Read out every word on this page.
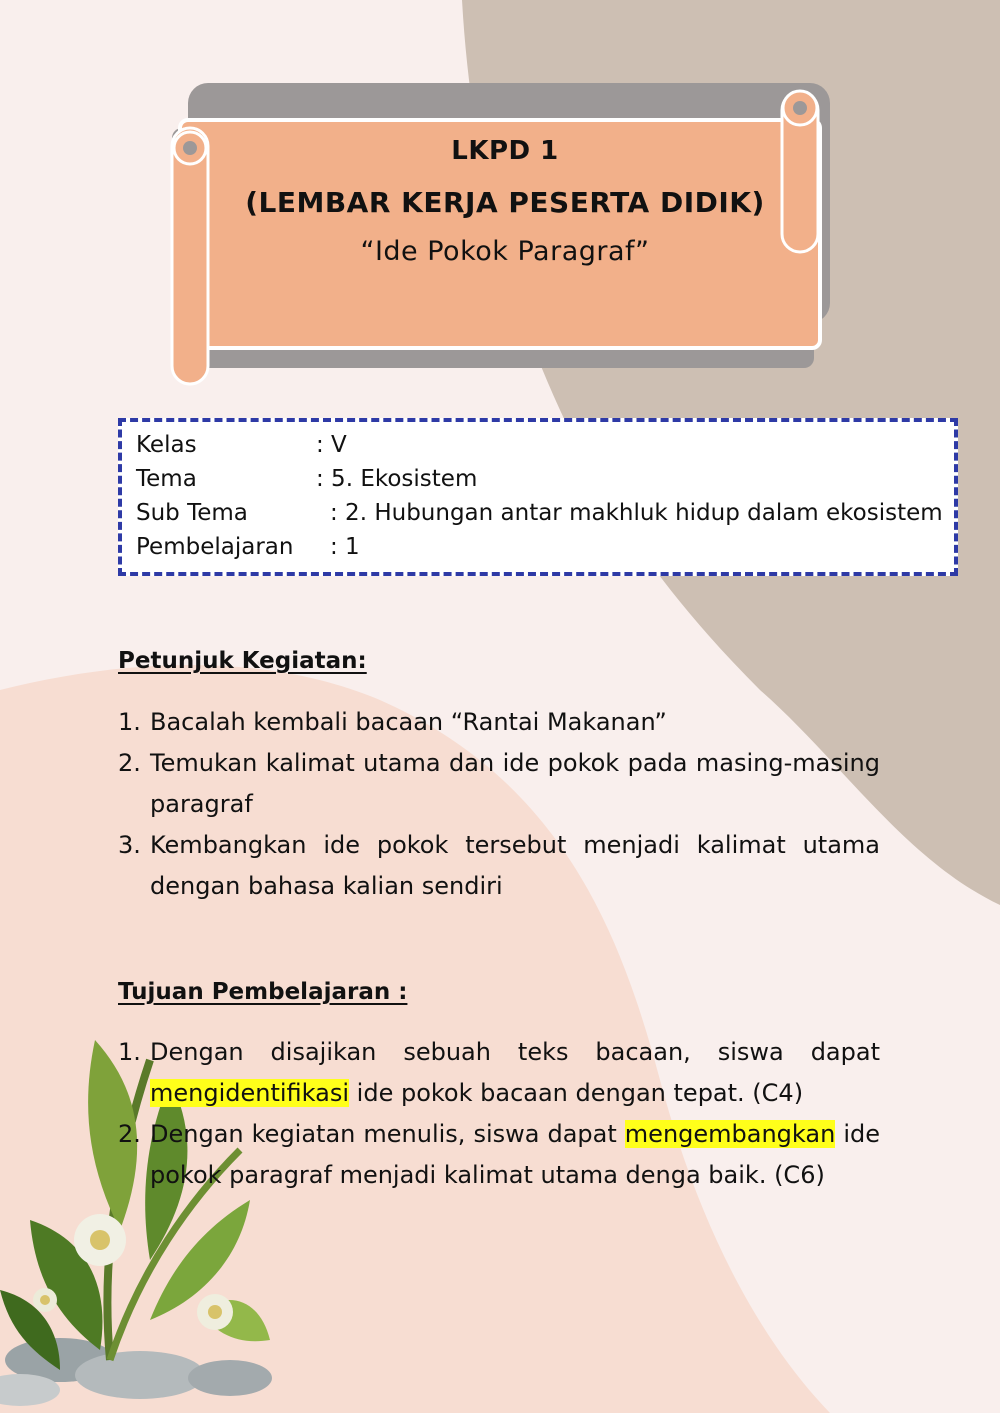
LKPD 1
(LEMBAR KERJA PESERTA DIDIK)
“Ide Pokok Paragraf”
Kelas	: V
Tema	: 5. Ekosistem
Sub Tema	: 2. Hubungan antar makhluk hidup dalam ekosistem
Pembelajaran : 1
Petunjuk Kegiatan:
1. Bacalah kembali bacaan “Rantai Makanan”
2. Temukan kalimat utama dan ide pokok pada masing-masing paragraf
3. Kembangkan ide pokok tersebut menjadi kalimat utama dengan bahasa kalian sendiri
Tujuan Pembelajaran :
1. Dengan disajikan sebuah teks bacaan, siswa dapat mengidentifikasi ide pokok bacaan dengan tepat. (C4)
2. Dengan kegiatan menulis, siswa dapat mengembangkan ide pokok paragraf menjadi kalimat utama denga baik. (C6)
